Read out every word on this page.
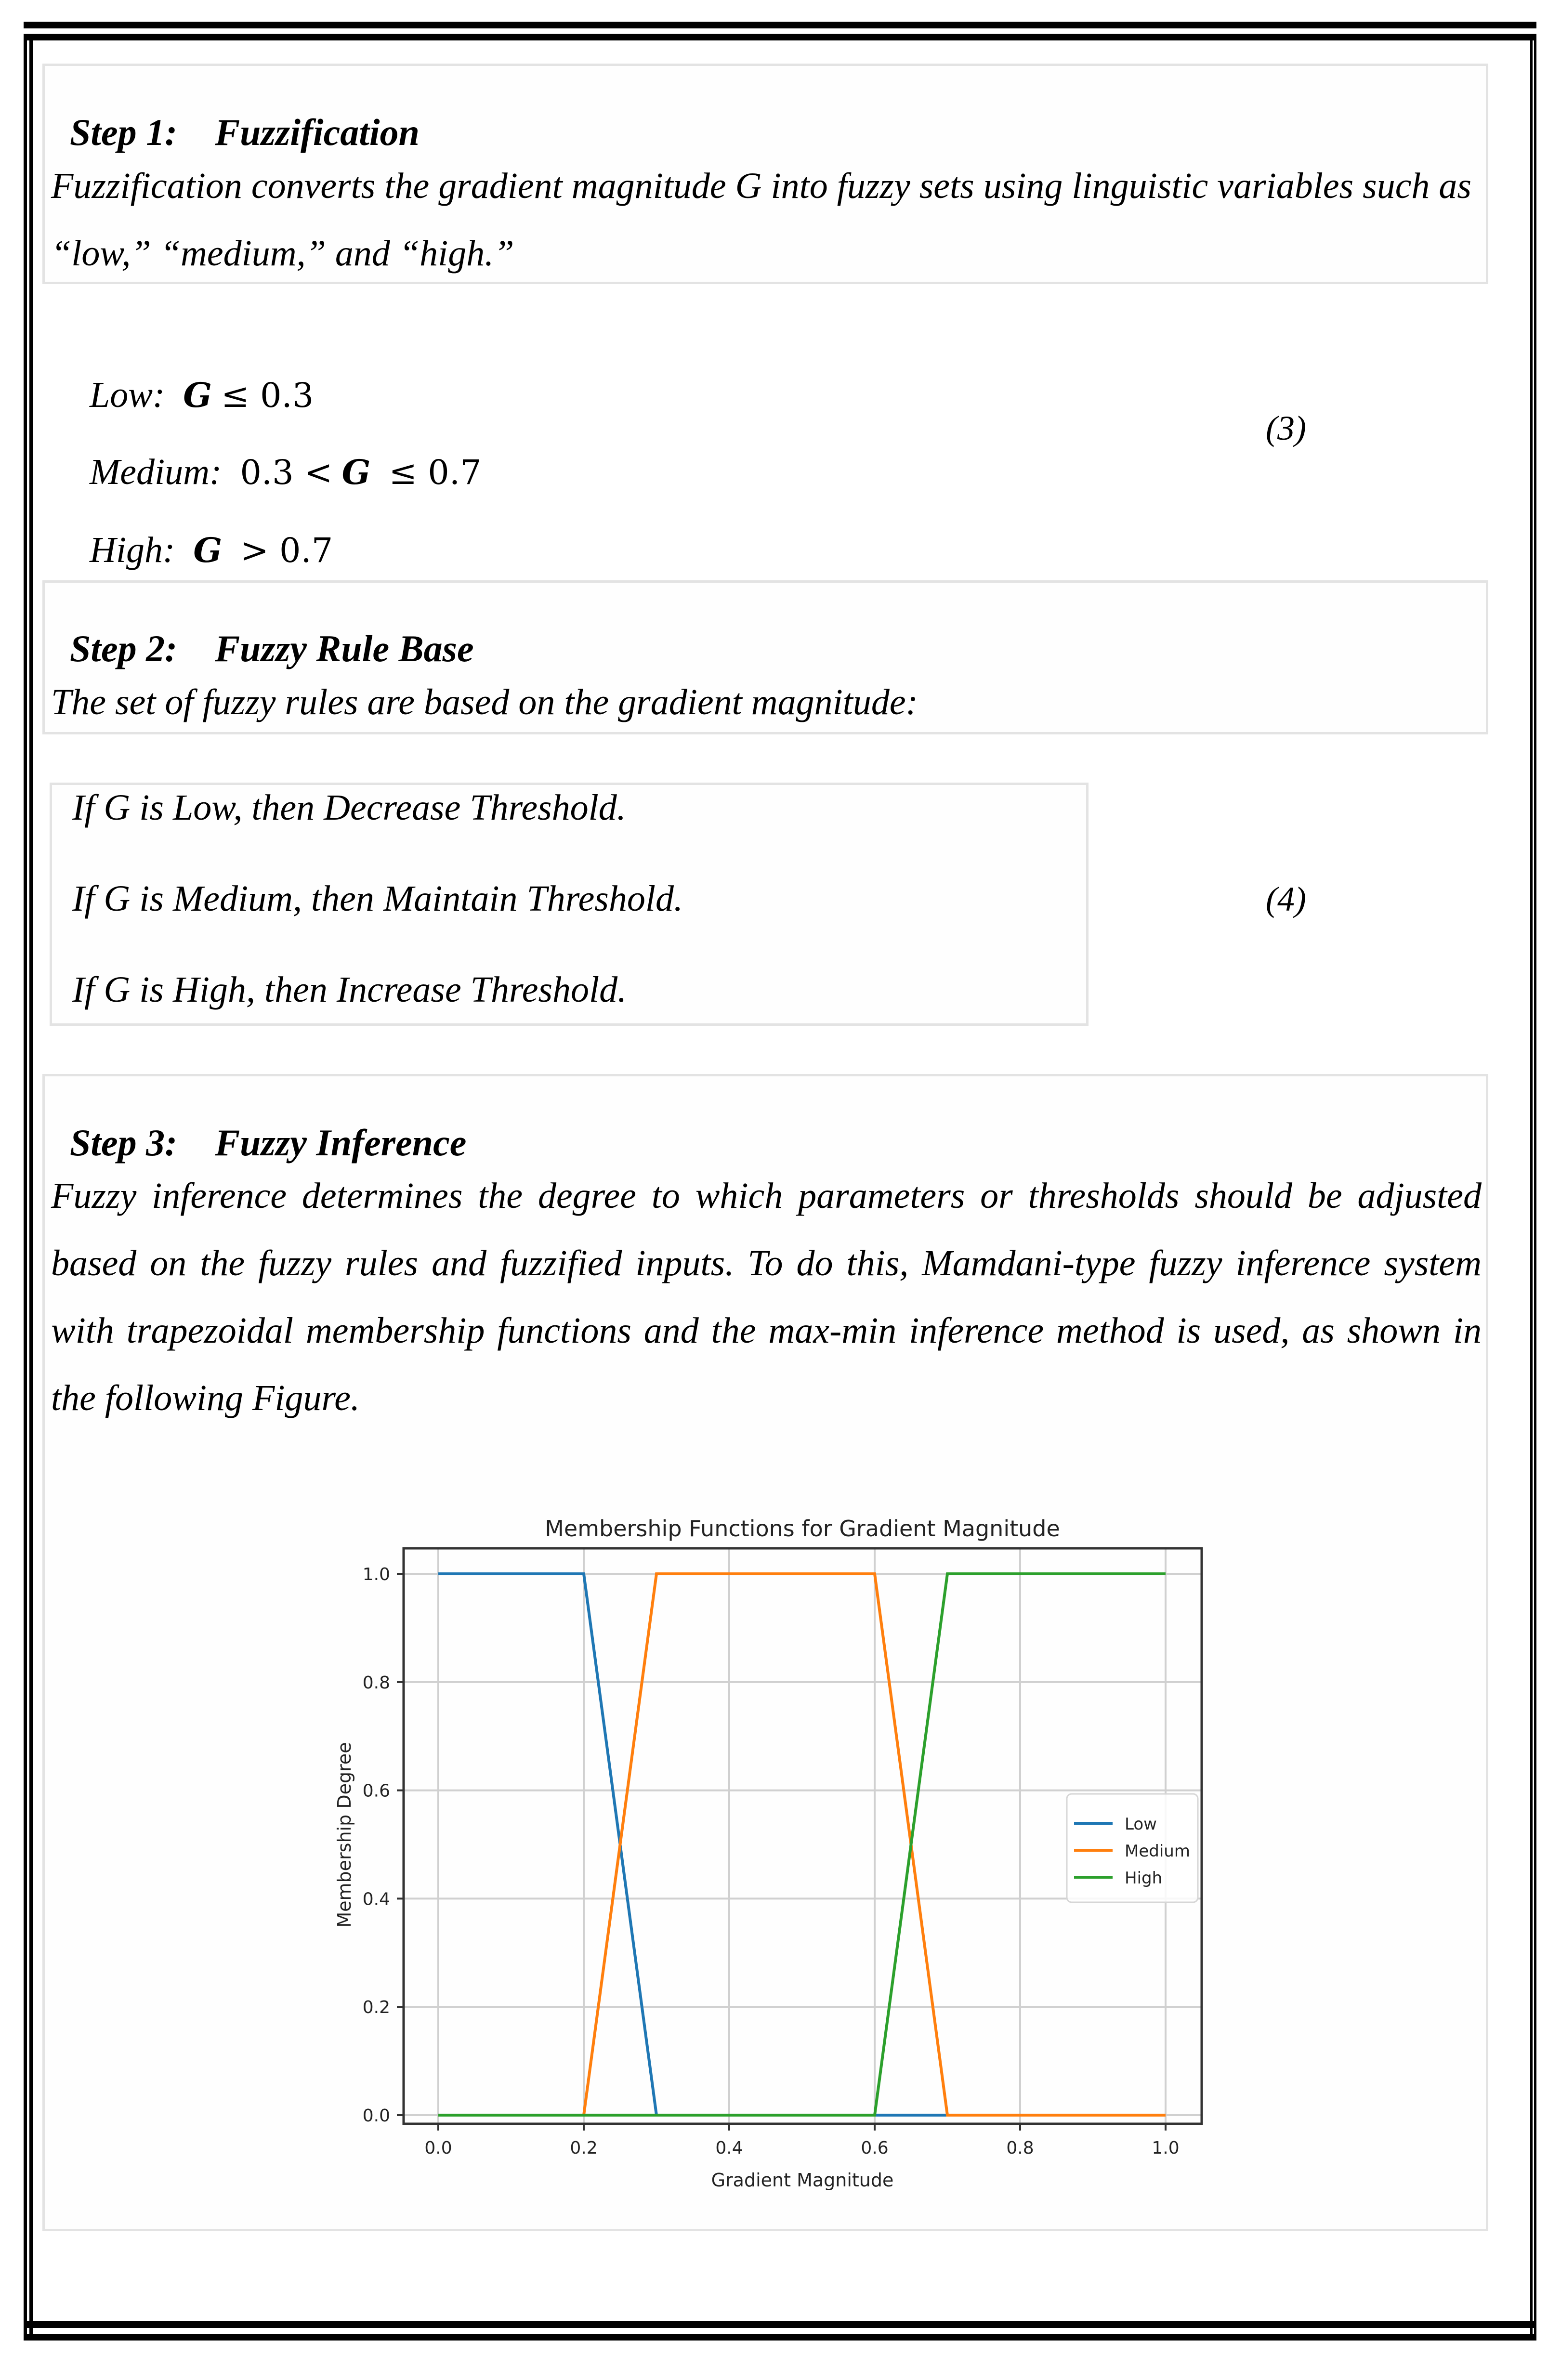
Step 1: Fuzzification

Fuzzification converts the gradient magnitude G into fuzzy sets using linguistic variables such as “low,” “medium,” and “high.”

Low: G ≤ 0.3

Medium: 0.3 < G ≤ 0.7

High: G > 0.7

(3)

Step 2: Fuzzy Rule Base

The set of fuzzy rules are based on the gradient magnitude:
If G is Low, then Decrease Threshold.
If G is Medium, then Maintain Threshold.
If G is High, then Increase Threshold.
(4)

Step 3: Fuzzy Inference

Fuzzy inference determines the degree to which parameters or thresholds should be adjusted based on the fuzzy rules and fuzzified inputs. To do this, Mamdani-type fuzzy inference system with trapezoidal membership functions and the max-min inference method is used, as shown in the following Figure.
Membership Functions for Gradient Magnitude
0.0	0.2	0.4	0.6	0.8	1.0
0.0
0.2
0.4
0.6
0.8
1.0
Gradient Magnitude
Membership Degree	Low
Medium
High
